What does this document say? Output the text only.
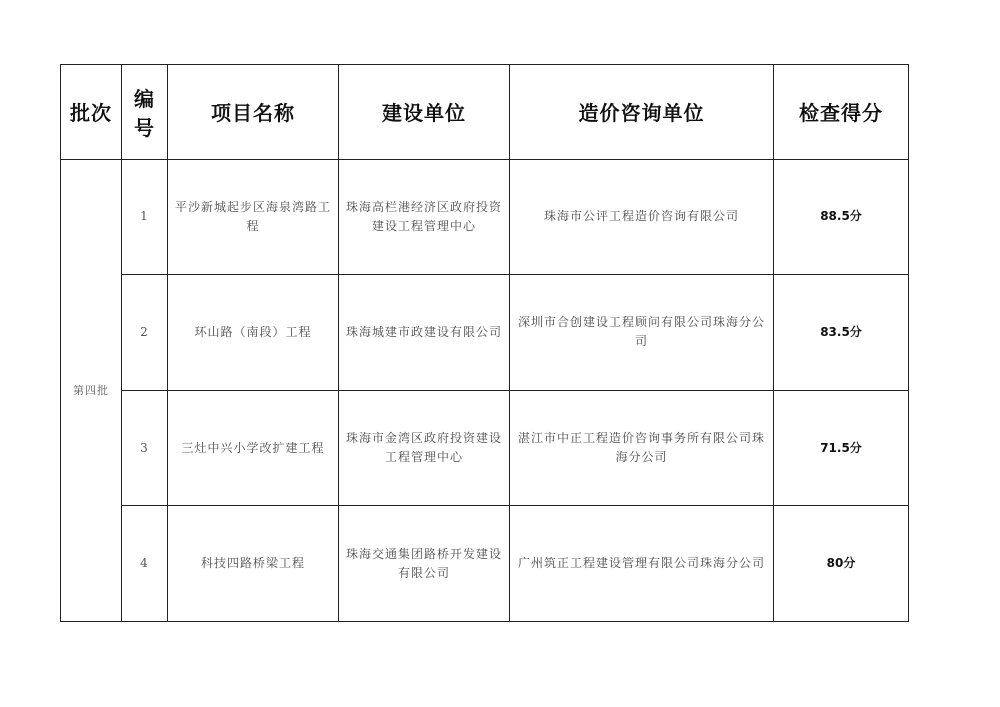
批次	编号	项目名称	建设单位	造价咨询单位	检查得分
第四批	1	平沙新城起步区海泉湾路工程	珠海高栏港经济区政府投资建设工程管理中心	珠海市公评工程造价咨询有限公司	88.5分
	2	环山路（南段）工程	珠海城建市政建设有限公司	深圳市合创建设工程顾问有限公司珠海分公司	83.5分
	3	三灶中兴小学改扩建工程	珠海市金湾区政府投资建设工程管理中心	湛江市中正工程造价咨询事务所有限公司珠海分公司	71.5分
	4	科技四路桥梁工程	珠海交通集团路桥开发建设有限公司	广州筑正工程建设管理有限公司珠海分公司	80分
